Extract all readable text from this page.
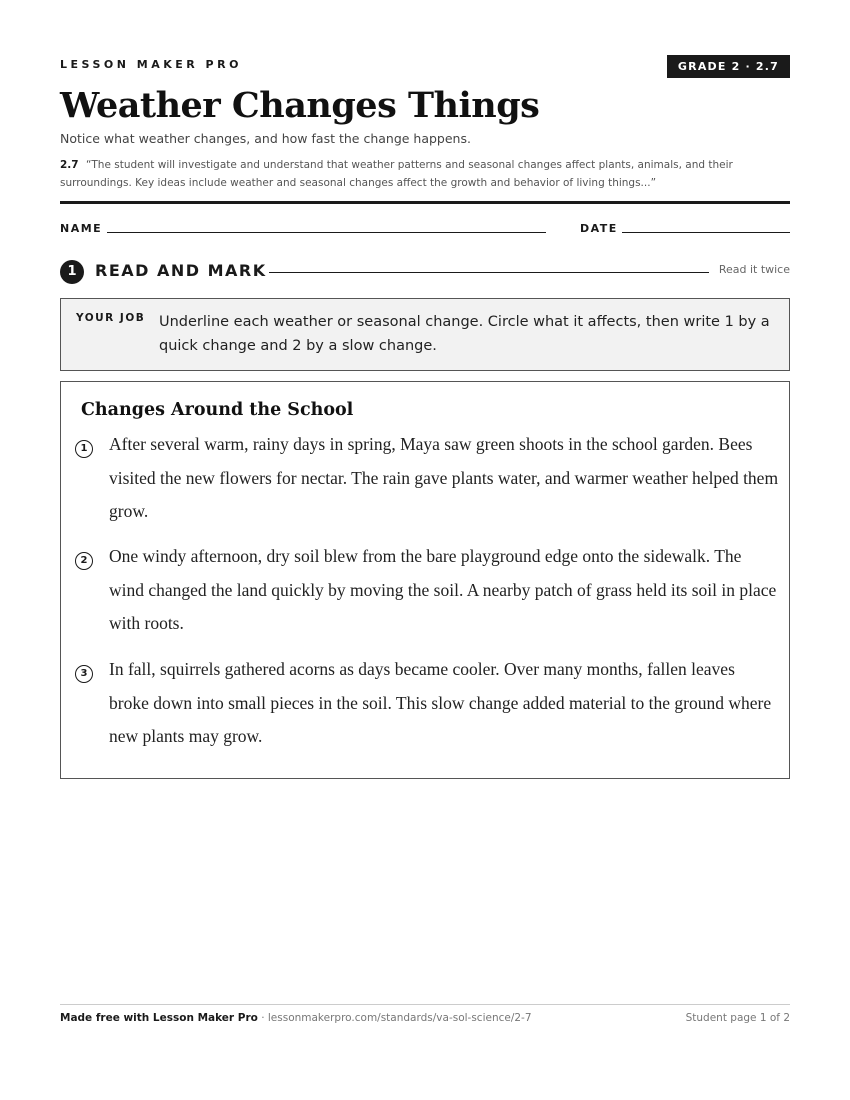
LESSON MAKER PRO	GRADE 2 · 2.7
Weather Changes Things
Notice what weather changes, and how fast the change happens.
2.7 “The student will investigate and understand that weather patterns and seasonal changes affect plants, animals, and their surroundings. Key ideas include weather and seasonal changes affect the growth and behavior of living things...”
NAME	DATE
1	READ AND MARK	Read it twice
YOUR JOB Underline each weather or seasonal change. Circle what it affects, then write 1 by a quick change and 2 by a slow change.
Changes Around the School
1	After several warm, rainy days in spring, Maya saw green shoots in the school garden. Bees visited the new flowers for nectar. The rain gave plants water, and warmer weather helped them grow.

2	One windy afternoon, dry soil blew from the bare playground edge onto the sidewalk. The wind changed the land quickly by moving the soil. A nearby patch of grass held its soil in place with roots.

3	In fall, squirrels gathered acorns as days became cooler. Over many months, fallen leaves broke down into small pieces in the soil. This slow change added material to the ground where new plants may grow.

Made free with Lesson Maker Pro · lessonmakerpro.com/standards/va-sol-science/2-7	Student page 1 of 2
